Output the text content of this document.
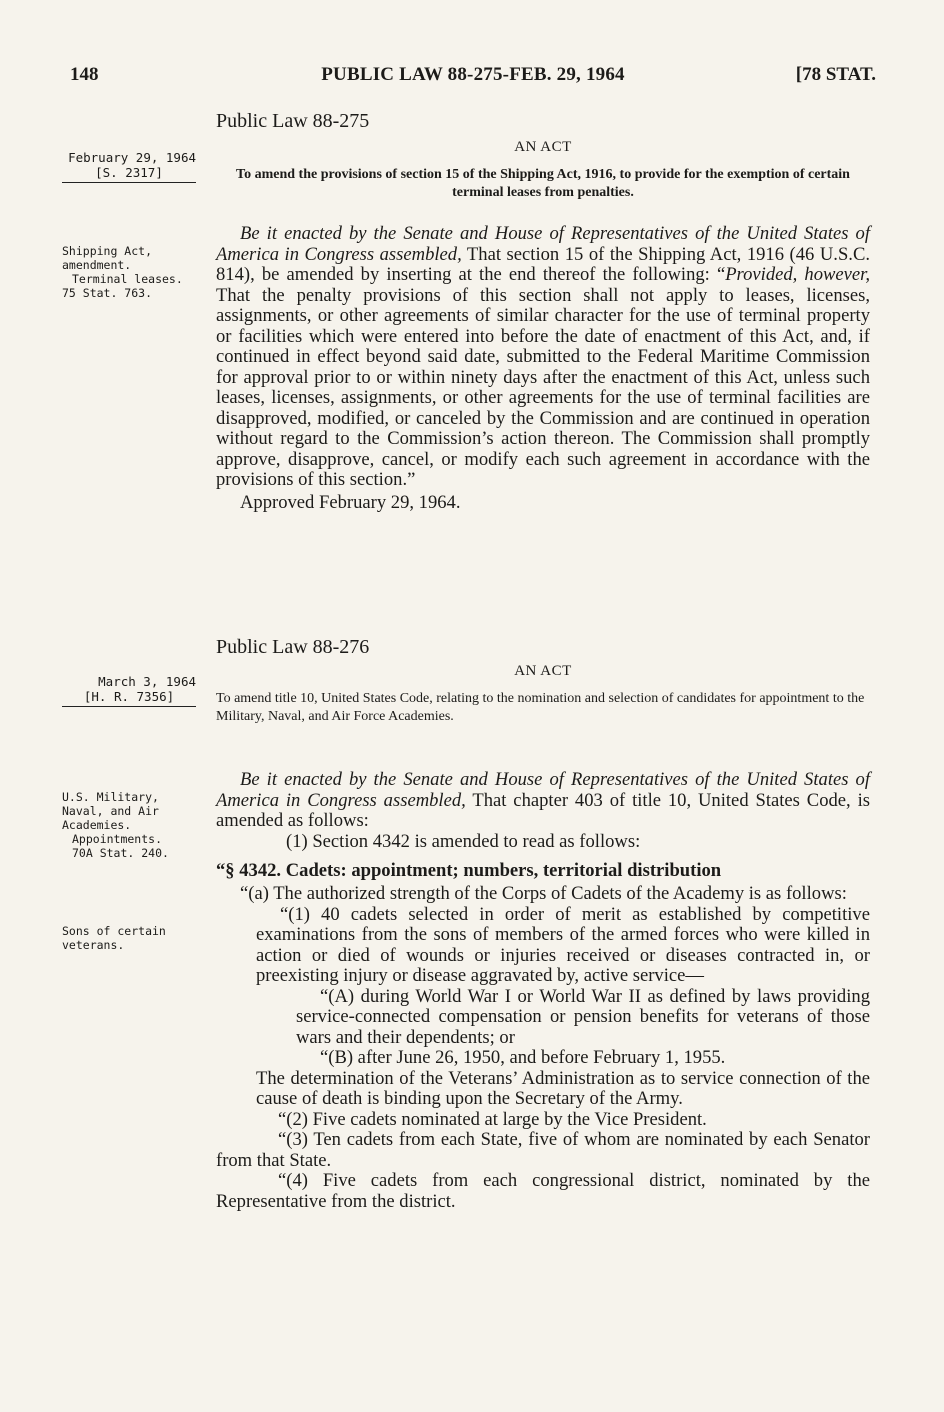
148	PUBLIC LAW 88-275-FEB. 29, 1964	[78 STAT.
Public Law 88-275
AN ACT
February 29, 1964
[S. 2317]	To amend the provisions of section 15 of the Shipping Act, 1916, to provide for the exemption of certain terminal leases from penalties.
Shipping Act,
amendment.
Terminal leases.
75 Stat. 763.

Be it enacted by the Senate and House of Representatives of the United States of America in Congress assembled, That section 15 of the Shipping Act, 1916 (46 U.S.C. 814), be amended by inserting at the end thereof the following: “Provided, however, That the penalty provisions of this section shall not apply to leases, licenses, assignments, or other agreements of similar character for the use of terminal property or facilities which were entered into before the date of enactment of this Act, and, if continued in effect beyond said date, submitted to the Federal Maritime Commission for approval prior to or within ninety days after the enactment of this Act, unless such leases, licenses, assignments, or other agreements for the use of terminal facilities are disapproved, modified, or canceled by the Commission and are continued in operation without regard to the Commission’s action thereon. The Commission shall promptly approve, disapprove, cancel, or modify each such agreement in accordance with the provisions of this section.”

Approved February 29, 1964.

Public Law 88-276
AN ACT
March 3, 1964
[H. R. 7356]	To amend title 10, United States Code, relating to the nomination and selection of candidates for appointment to the Military, Naval, and Air Force Academies.
U.S. Military,
Naval, and Air
Academies.
Appointments.
70A Stat. 240.
Sons of certain
veterans.

Be it enacted by the Senate and House of Representatives of the United States of America in Congress assembled, That chapter 403 of title 10, United States Code, is amended as follows:

(1) Section 4342 is amended to read as follows:

“§ 4342. Cadets: appointment; numbers, territorial distribution

“(a) The authorized strength of the Corps of Cadets of the Academy is as follows:

“(1) 40 cadets selected in order of merit as established by competitive examinations from the sons of members of the armed forces who were killed in action or died of wounds or injuries received or diseases contracted in, or preexisting injury or disease aggravated by, active service—

“(A) during World War I or World War II as defined by laws providing service-connected compensation or pension benefits for veterans of those wars and their dependents; or

“(B) after June 26, 1950, and before February 1, 1955.

The determination of the Veterans’ Administration as to service connection of the cause of death is binding upon the Secretary of the Army.

“(2) Five cadets nominated at large by the Vice President.

“(3) Ten cadets from each State, five of whom are nominated by each Senator from that State.

“(4) Five cadets from each congressional district, nominated by the Representative from the district.
